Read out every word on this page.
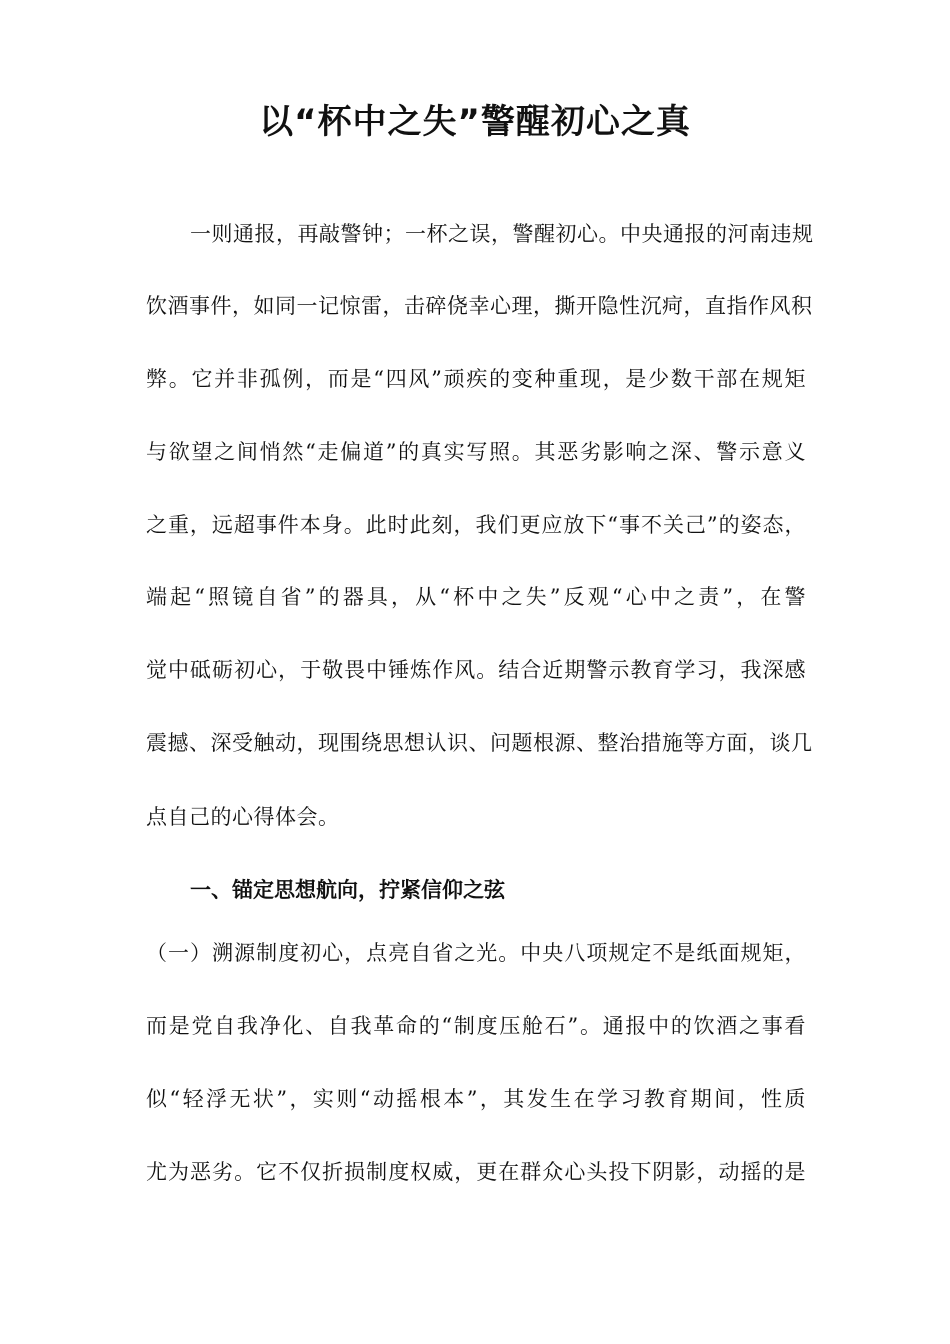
以“杯中之失”警醒初心之真
一则通报，再敲警钟；一杯之误，警醒初心。中央通报的河南违规
饮酒事件，如同一记惊雷，击碎侥幸心理，撕开隐性沉疴，直指作风积
弊。它并非孤例，而是“四风”顽疾的变种重现，是少数干部在规矩
与欲望之间悄然“走偏道”的真实写照。其恶劣影响之深、警示意义
之重，远超事件本身。此时此刻，我们更应放下“事不关己”的姿态，
端起“照镜自省”的器具，从“杯中之失”反观“心中之责”，在警
觉中砥砺初心，于敬畏中锤炼作风。结合近期警示教育学习，我深感
震撼、深受触动，现围绕思想认识、问题根源、整治措施等方面，谈几
点自己的心得体会。
一、锚定思想航向，拧紧信仰之弦
（一）溯源制度初心，点亮自省之光。中央八项规定不是纸面规矩，
而是党自我净化、自我革命的“制度压舱石”。通报中的饮酒之事看
似“轻浮无状”，实则“动摇根本”，其发生在学习教育期间，性质
尤为恶劣。它不仅折损制度权威，更在群众心头投下阴影，动摇的是
